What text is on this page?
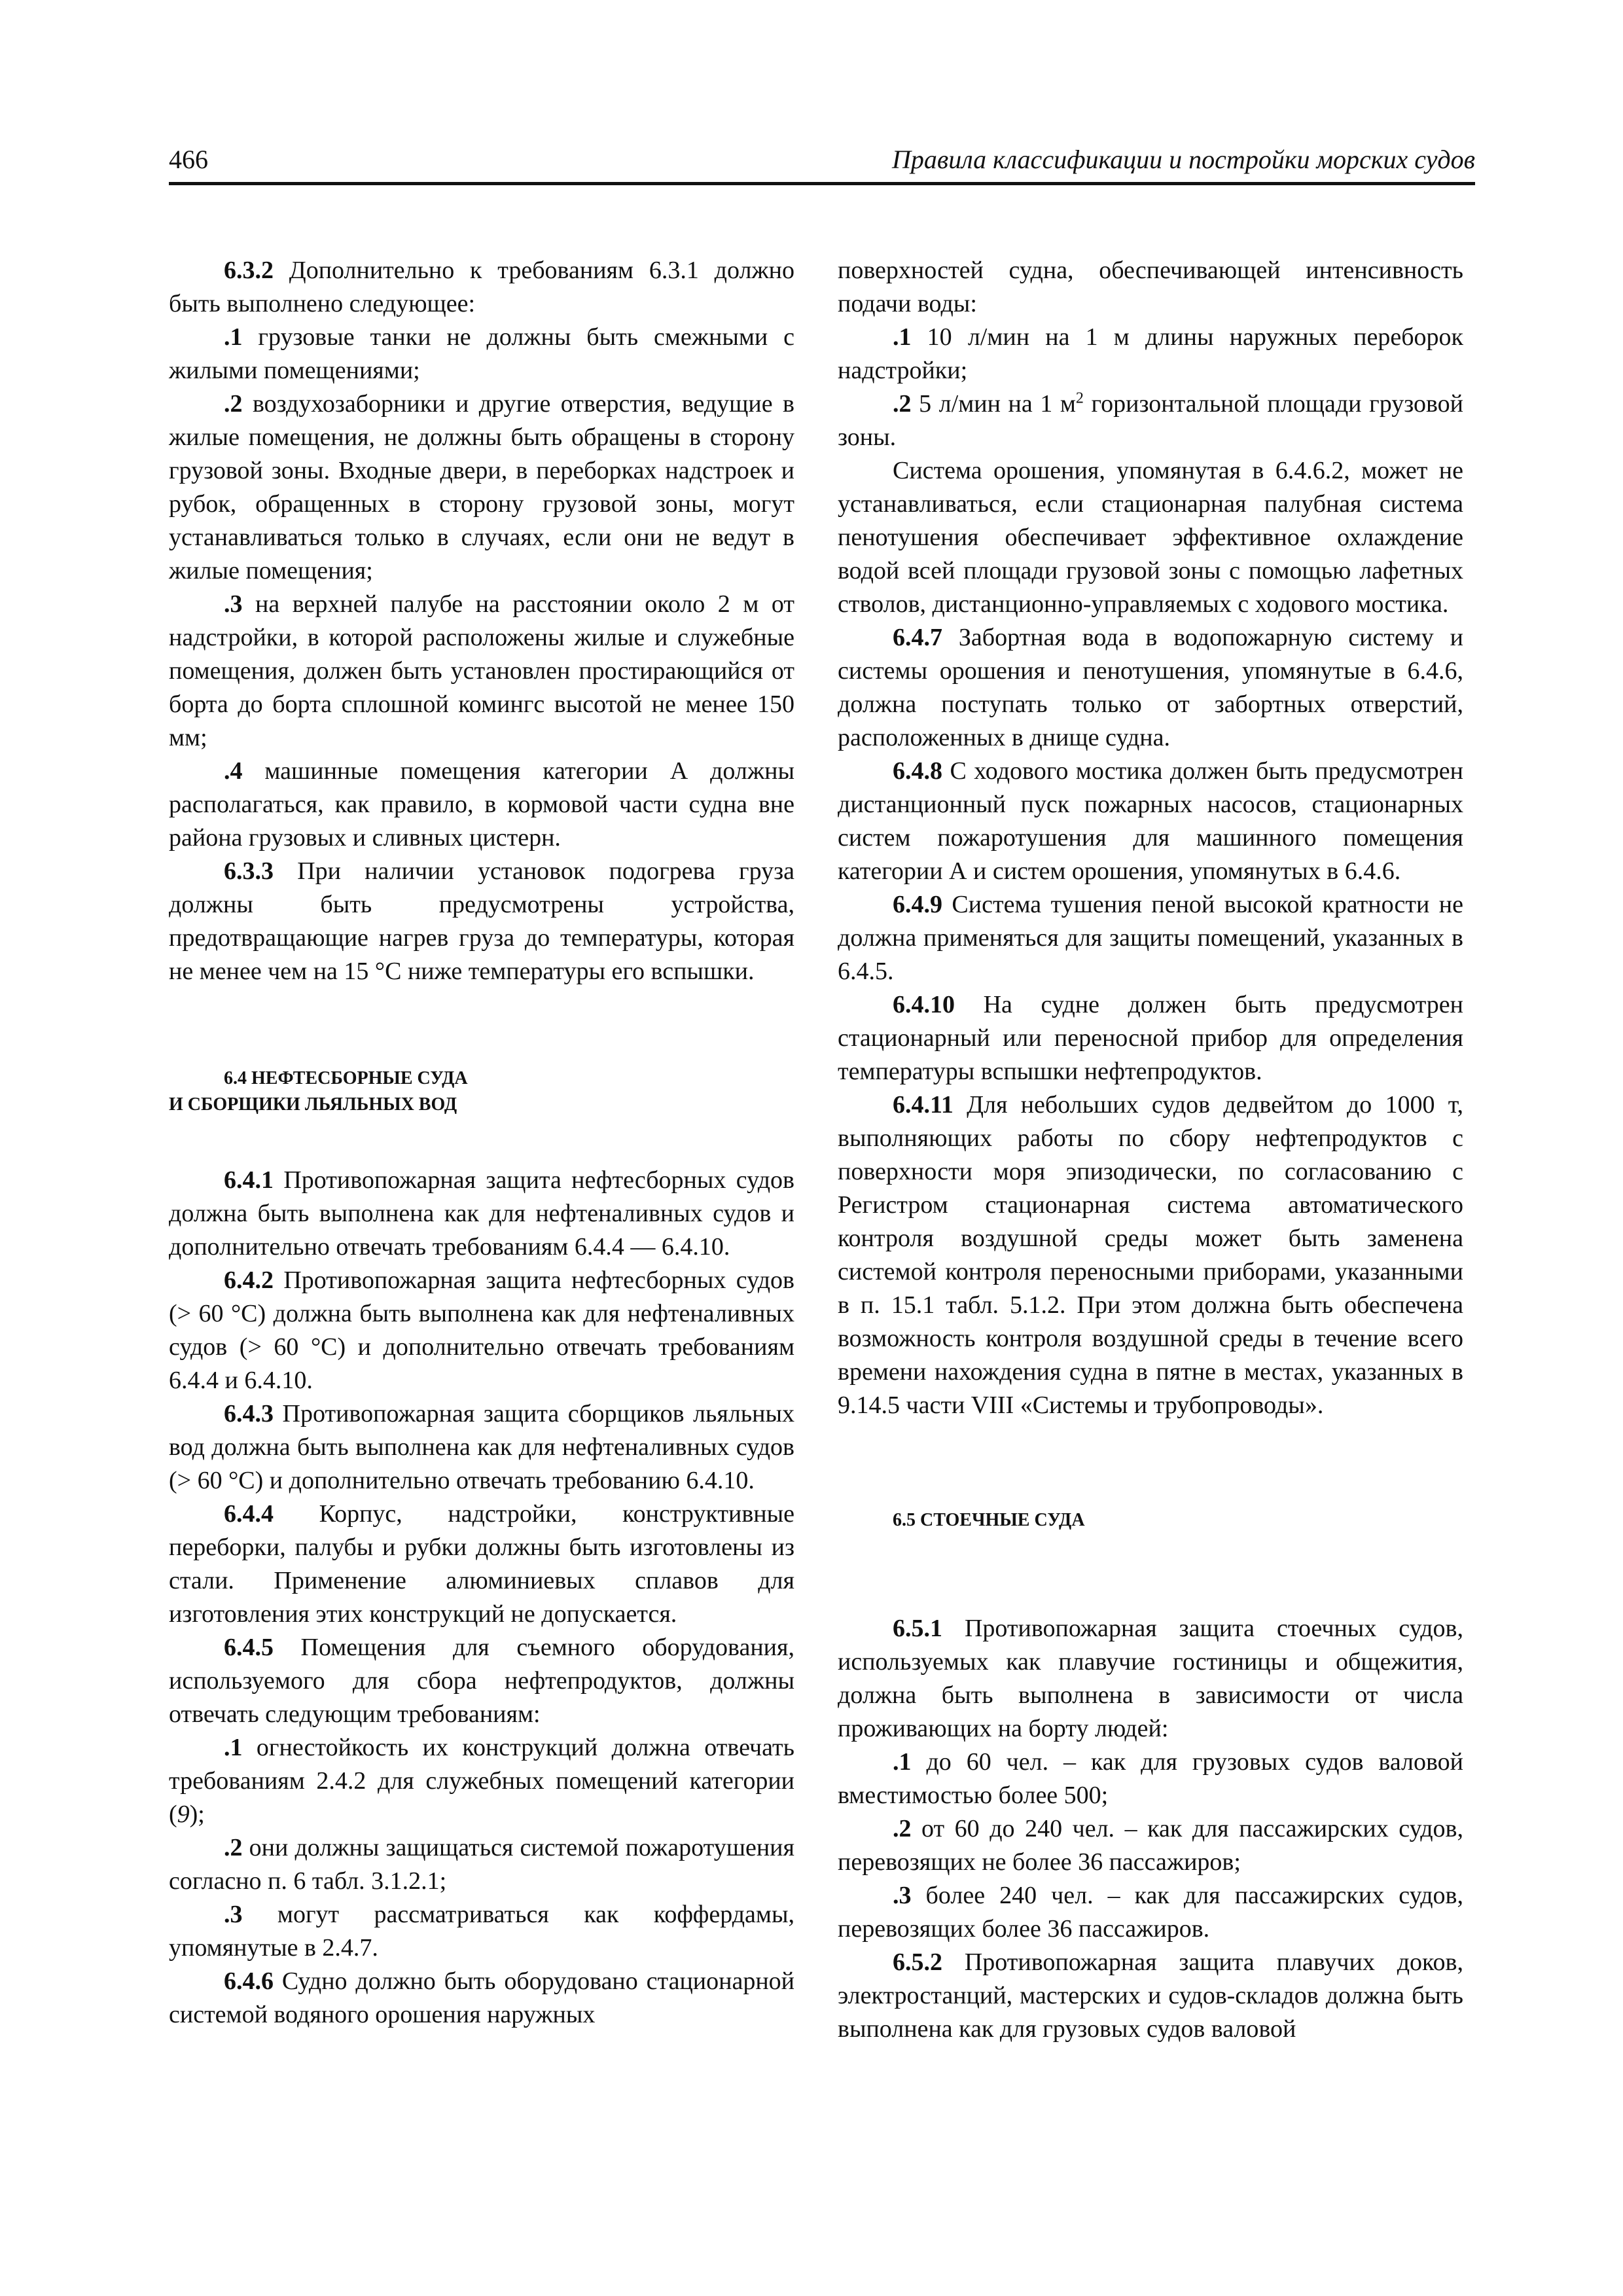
466	Правила классификации и постройки морских судов

6.3.2 Дополнительно к требованиям 6.3.1 должно быть выполнено следующее:

.1 грузовые танки не должны быть смежными с жилыми помещениями;

.2 воздухозаборники и другие отверстия, ведущие в жилые помещения, не должны быть обращены в сторону грузовой зоны. Входные двери, в переборках надстроек и рубок, обращенных в сторону грузовой зоны, могут устанавливаться только в случаях, если они не ведут в жилые помещения;

.3 на верхней палубе на расстоянии около 2 м от надстройки, в которой расположены жилые и служебные помещения, должен быть установлен простирающийся от борта до борта сплошной комингс высотой не менее 150 мм;

.4 машинные помещения категории А должны располагаться, как правило, в кормовой части судна вне района грузовых и сливных цистерн.

6.3.3 При наличии установок подогрева груза должны быть предусмотрены устройства, предотвращающие нагрев груза до температуры, которая не менее чем на 15 °С ниже температуры его вспышки.

6.4 НЕФТЕСБОРНЫЕ СУДА
И СБОРЩИКИ ЛЬЯЛЬНЫХ ВОД

6.4.1 Противопожарная защита нефтесборных судов должна быть выполнена как для нефтеналивных судов и дополнительно отвечать требованиям 6.4.4 — 6.4.10.

6.4.2 Противопожарная защита нефтесборных судов (> 60 °С) должна быть выполнена как для нефтеналивных судов (> 60 °С) и дополнительно отвечать требованиям 6.4.4 и 6.4.10.

6.4.3 Противопожарная защита сборщиков льяльных вод должна быть выполнена как для нефтеналивных судов (> 60 °С) и дополнительно отвечать требованию 6.4.10.

6.4.4 Корпус, надстройки, конструктивные переборки, палубы и рубки должны быть изготовлены из стали. Применение алюминиевых сплавов для изготовления этих конструкций не допускается.

6.4.5 Помещения для съемного оборудования, используемого для сбора нефтепродуктов, должны отвечать следующим требованиям:

.1 огнестойкость их конструкций должна отвечать требованиям 2.4.2 для служебных помещений категории (9);

.2 они должны защищаться системой пожаротушения согласно п. 6 табл. 3.1.2.1;

.3 могут рассматриваться как коффердамы, упомянутые в 2.4.7.

6.4.6 Судно должно быть оборудовано стационарной системой водяного орошения наружных

поверхностей судна, обеспечивающей интенсивность подачи воды:

.1 10 л/мин на 1 м длины наружных переборок надстройки;

.2 5 л/мин на 1 $м^2$ горизонтальной площади грузовой зоны.

Система орошения, упомянутая в 6.4.6.2, может не устанавливаться, если стационарная палубная система пенотушения обеспечивает эффективное охлаждение водой всей площади грузовой зоны с помощью лафетных стволов, дистанционно-управляемых с ходового мостика.

6.4.7 Забортная вода в водопожарную систему и системы орошения и пенотушения, упомянутые в 6.4.6, должна поступать только от забортных отверстий, расположенных в днище судна.

6.4.8 С ходового мостика должен быть предусмотрен дистанционный пуск пожарных насосов, стационарных систем пожаротушения для машинного помещения категории А и систем орошения, упомянутых в 6.4.6.

6.4.9 Система тушения пеной высокой кратности не должна применяться для защиты помещений, указанных в 6.4.5.

6.4.10 На судне должен быть предусмотрен стационарный или переносной прибор для определения температуры вспышки нефтепродуктов.

6.4.11 Для небольших судов дедвейтом до 1000 т, выполняющих работы по сбору нефтепродуктов с поверхности моря эпизодически, по согласованию с Регистром стационарная система автоматического контроля воздушной среды может быть заменена системой контроля переносными приборами, указанными в п. 15.1 табл. 5.1.2. При этом должна быть обеспечена возможность контроля воздушной среды в течение всего времени нахождения судна в пятне в местах, указанных в 9.14.5 части VIII «Системы и трубопроводы».

6.5 СТОЕЧНЫЕ СУДА

6.5.1 Противопожарная защита стоечных судов, используемых как плавучие гостиницы и общежития, должна быть выполнена в зависимости от числа проживающих на борту людей:

.1 до 60 чел. – как для грузовых судов валовой вместимостью более 500;

.2 от 60 до 240 чел. – как для пассажирских судов, перевозящих не более 36 пассажиров;

.3 более 240 чел. – как для пассажирских судов, перевозящих более 36 пассажиров.

6.5.2 Противопожарная защита плавучих доков, электростанций, мастерских и судов-складов должна быть выполнена как для грузовых судов валовой
